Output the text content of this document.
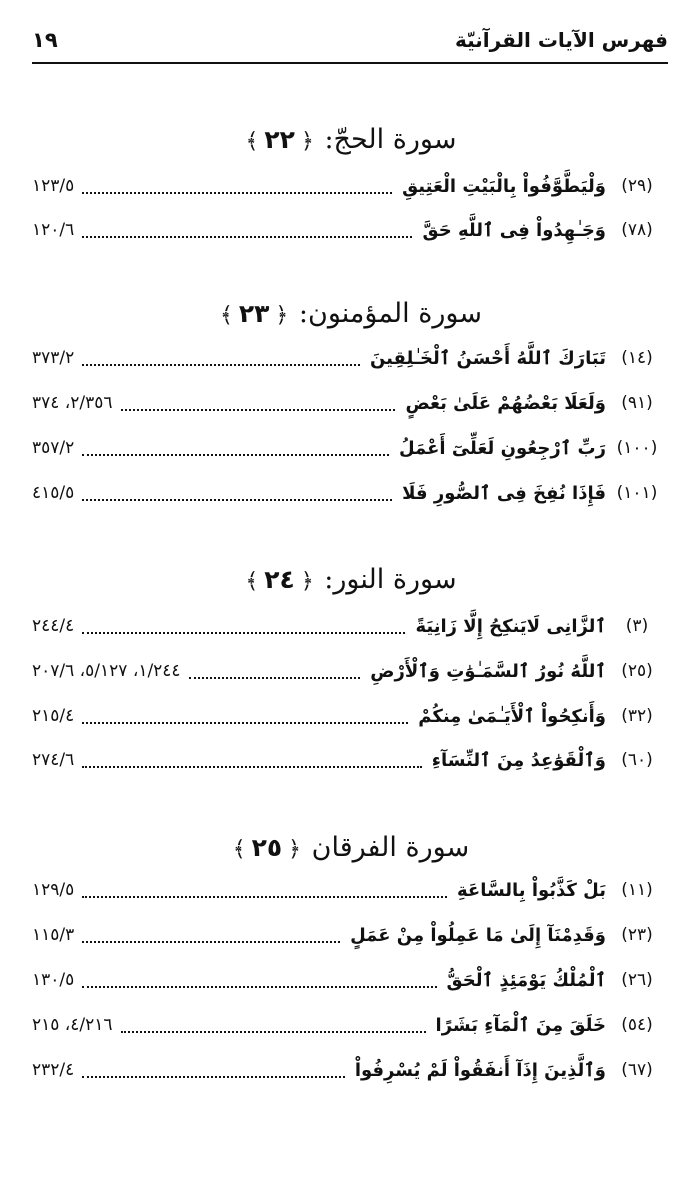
١٩	فهرس الآيات القرآنيّة
سورة الحجّ: ﴿٢٢﴾
(٢٩)
وَلْيَطَّوَّفُواْ بِالْبَيْتِ الْعَتِيقِ
١٢٣/٥
(٧٨)
وَجَـٰهِدُواْ فِى ٱللَّهِ حَقَّ
١٢٠/٦
سورة المؤمنون: ﴿٢٣﴾
(١٤)
تَبَارَكَ ٱللَّهُ أَحْسَنُ ٱلْخَـٰلِقِينَ
٣٧٣/٢
(٩١)
وَلَعَلَا بَعْضُهُمْ عَلَىٰ بَعْضٍ
٢/٣٥٦، ٣٧٤
(١٠٠)
رَبِّ ٱرْجِعُونِ لَعَلِّىٓ أَعْمَلُ
٣٥٧/٢
(١٠١)
فَإِذَا نُفِخَ فِى ٱلصُّورِ فَلَا
٤١٥/٥
سورة النور: ﴿٢٤﴾
(٣)
ٱلزَّانِى لَايَنكِحُ إِلَّا زَانِيَةً
٢٤٤/٤
(٢٥)
ٱللَّهُ نُورُ ٱلسَّمَـٰوَٰتِ وَٱلْأَرْضِ
١/٢٤٤، ٥/١٢٧، ٢٠٧/٦
(٣٢)
وَأَنكِحُواْ ٱلْأَيَـٰمَىٰ مِنكُمْ
٢١٥/٤
(٦٠)
وَٱلْقَوَٰعِدُ مِنَ ٱلنِّسَآءِ
٢٧٤/٦
سورة الفرقان ﴿٢٥﴾
(١١)
بَلْ كَذَّبُواْ بِالسَّاعَةِ
١٢٩/٥
(٢٣)
وَقَدِمْنَآ إِلَىٰ مَا عَمِلُواْ مِنْ عَمَلٍ
١١٥/٣
(٢٦)
ٱلْمُلْكُ يَوْمَئِذٍ ٱلْحَقُّ
١٣٠/٥
(٥٤)
خَلَقَ مِنَ ٱلْمَآءِ بَشَرًا
٤/٢١٦، ٢١٥
(٦٧)
وَٱلَّذِينَ إِذَآ أَنفَقُواْ لَمْ يُسْرِفُواْ
٢٣٢/٤
